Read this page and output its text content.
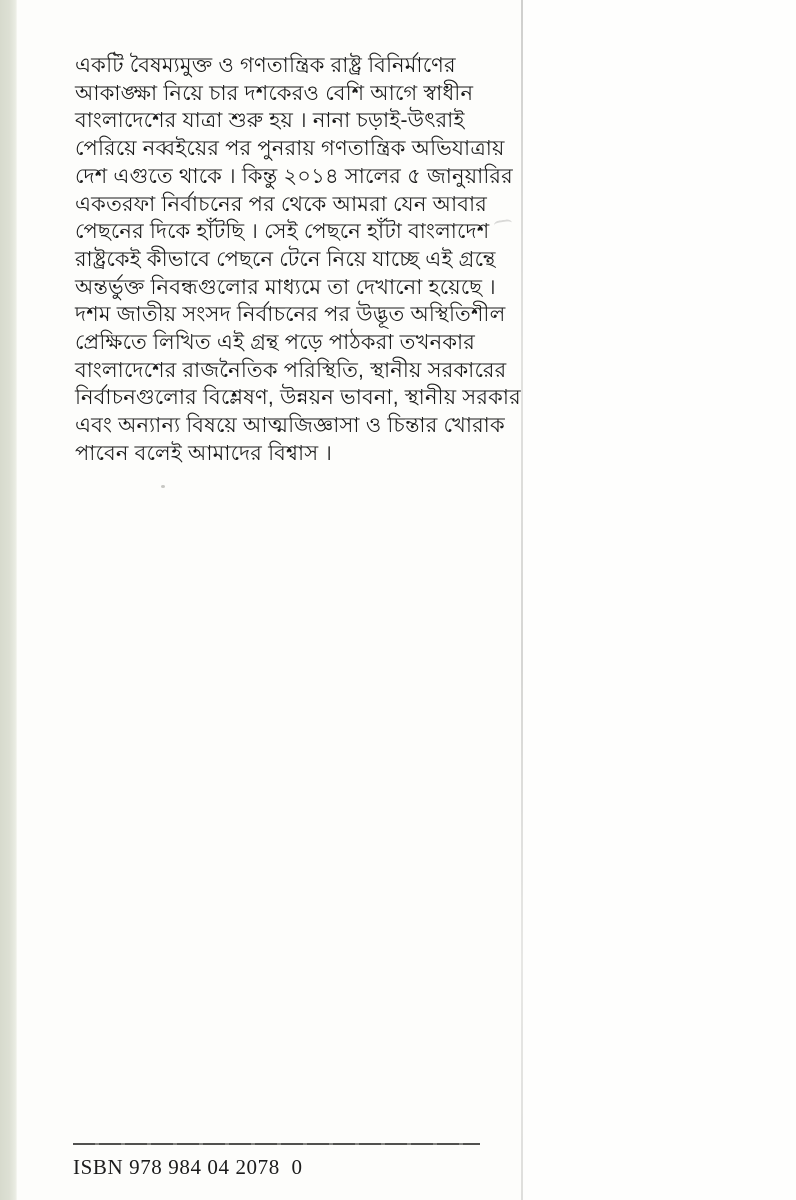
একটি বৈষম্যমুক্ত ও গণতান্ত্রিক রাষ্ট্র বিনির্মাণের
আকাঙ্ক্ষা নিয়ে চার দশকেরও বেশি আগে স্বাধীন
বাংলাদেশের যাত্রা শুরু হয় । নানা চড়াই-উৎরাই
পেরিয়ে নব্বইয়ের পর পুনরায় গণতান্ত্রিক অভিযাত্রায়
দেশ এগুতে থাকে । কিন্তু ২০১৪ সালের ৫ জানুয়ারির
একতরফা নির্বাচনের পর থেকে আমরা যেন আবার
পেছনের দিকে হাঁটছি । সেই পেছনে হাঁটা বাংলাদেশ
রাষ্ট্রকেই কীভাবে পেছনে টেনে নিয়ে যাচ্ছে এই গ্রন্থে
অন্তর্ভুক্ত নিবন্ধগুলোর মাধ্যমে তা দেখানো হয়েছে ।
দশম জাতীয় সংসদ নির্বাচনের পর উদ্ভূত অস্থিতিশীল
প্রেক্ষিতে লিখিত এই গ্রন্থ পড়ে পাঠকরা তখনকার
বাংলাদেশের রাজনৈতিক পরিস্থিতি, স্থানীয় সরকারের
নির্বাচনগুলোর বিশ্লেষণ, উন্নয়ন ভাবনা, স্থানীয় সরকার
এবং অন্যান্য বিষয়ে আত্মজিজ্ঞাসা ও চিন্তার খোরাক
পাবেন বলেই আমাদের বিশ্বাস ।
ISBN 978 984 04 2078  0
